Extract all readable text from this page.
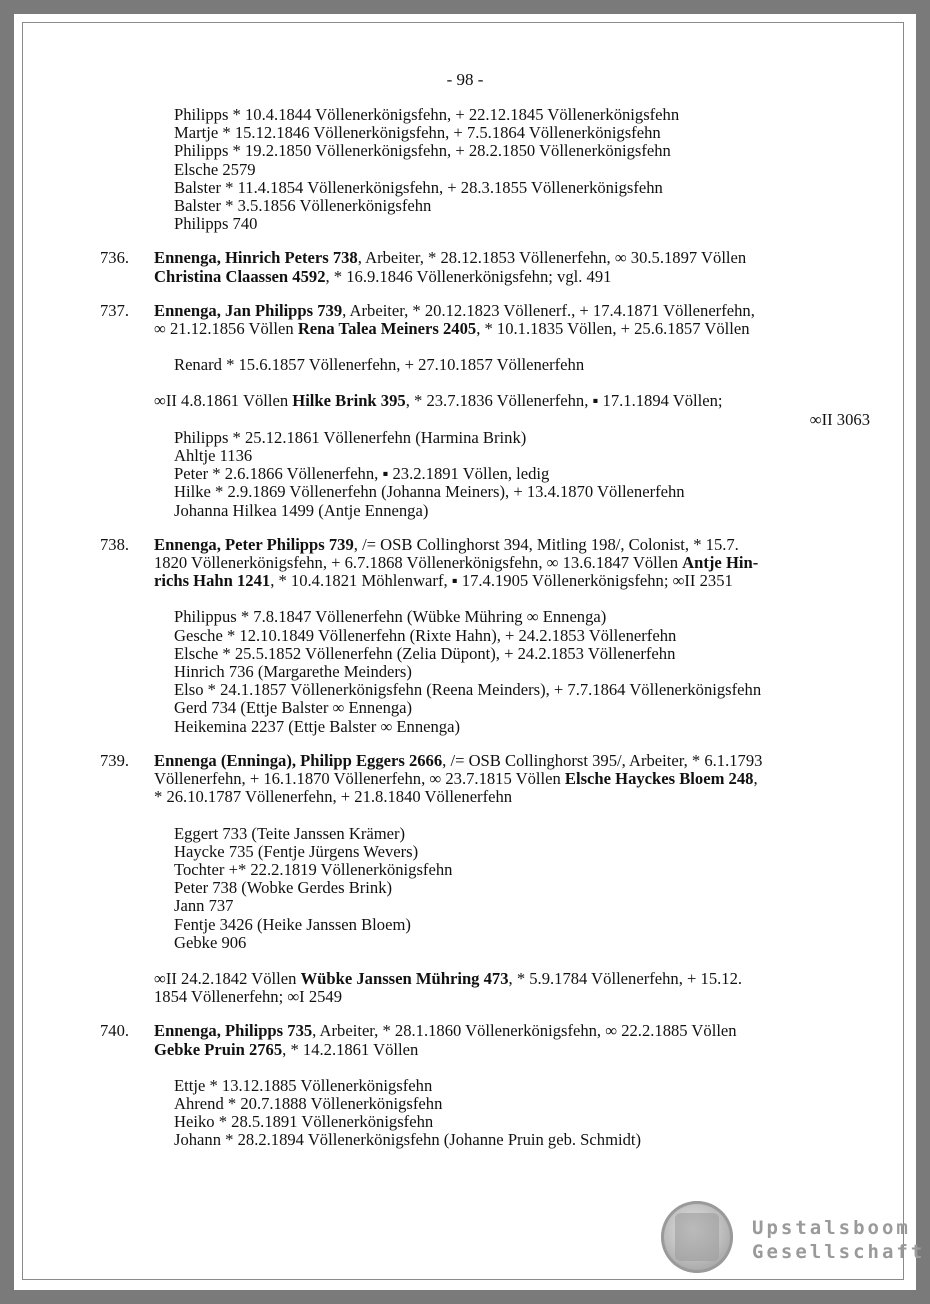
- 98 -
Philipps * 10.4.1844 Völlenerkönigsfehn, + 22.12.1845 Völlenerkönigsfehn
Martje * 15.12.1846 Völlenerkönigsfehn, + 7.5.1864 Völlenerkönigsfehn
Philipps * 19.2.1850 Völlenerkönigsfehn, + 28.2.1850 Völlenerkönigsfehn
Elsche 2579
Balster * 11.4.1854 Völlenerkönigsfehn, + 28.3.1855 Völlenerkönigsfehn
Balster * 3.5.1856 Völlenerkönigsfehn
Philipps 740
736. Ennenga, Hinrich Peters 738, Arbeiter, * 28.12.1853 Völlenerfehn, ∞ 30.5.1897 Völlen
Christina Claassen 4592, * 16.9.1846 Völlenerkönigsfehn; vgl. 491
737. Ennenga, Jan Philipps 739, Arbeiter, * 20.12.1823 Völlenerf., + 17.4.1871 Völlenerfehn,
∞ 21.12.1856 Völlen Rena Talea Meiners 2405, * 10.1.1835 Völlen, + 25.6.1857 Völlen
Renard * 15.6.1857 Völlenerfehn, + 27.10.1857 Völlenerfehn
∞II 4.8.1861 Völlen Hilke Brink 395, * 23.7.1836 Völlenerfehn, ▪ 17.1.1894 Völlen;
∞II 3063
Philipps * 25.12.1861 Völlenerfehn (Harmina Brink)
Ahltje 1136
Peter * 2.6.1866 Völlenerfehn, ▪ 23.2.1891 Völlen, ledig
Hilke * 2.9.1869 Völlenerfehn (Johanna Meiners), + 13.4.1870 Völlenerfehn
Johanna Hilkea 1499 (Antje Ennenga)
738. Ennenga, Peter Philipps 739, /= OSB Collinghorst 394, Mitling 198/, Colonist, * 15.7.
1820 Völlenerkönigsfehn, + 6.7.1868 Völlenerkönigsfehn, ∞ 13.6.1847 Völlen Antje Hin-
richs Hahn 1241, * 10.4.1821 Möhlenwarf, ▪ 17.4.1905 Völlenerkönigsfehn; ∞II 2351
Philippus * 7.8.1847 Völlenerfehn (Wübke Mühring ∞ Ennenga)
Gesche * 12.10.1849 Völlenerfehn (Rixte Hahn), + 24.2.1853 Völlenerfehn
Elsche * 25.5.1852 Völlenerfehn (Zelia Düpont), + 24.2.1853 Völlenerfehn
Hinrich 736 (Margarethe Meinders)
Elso * 24.1.1857 Völlenerkönigsfehn (Reena Meinders), + 7.7.1864 Völlenerkönigsfehn
Gerd 734 (Ettje Balster ∞ Ennenga)
Heikemina 2237 (Ettje Balster ∞ Ennenga)
739. Ennenga (Enninga), Philipp Eggers 2666, /= OSB Collinghorst 395/, Arbeiter, * 6.1.1793
Völlenerfehn, + 16.1.1870 Völlenerfehn, ∞ 23.7.1815 Völlen Elsche Hayckes Bloem 248,
* 26.10.1787 Völlenerfehn, + 21.8.1840 Völlenerfehn
Eggert 733 (Teite Janssen Krämer)
Haycke 735 (Fentje Jürgens Wevers)
Tochter +* 22.2.1819 Völlenerkönigsfehn
Peter 738 (Wobke Gerdes Brink)
Jann 737
Fentje 3426 (Heike Janssen Bloem)
Gebke 906
∞II 24.2.1842 Völlen Wübke Janssen Mühring 473, * 5.9.1784 Völlenerfehn, + 15.12.
1854 Völlenerfehn; ∞I 2549
740. Ennenga, Philipps 735, Arbeiter, * 28.1.1860 Völlenerkönigsfehn, ∞ 22.2.1885 Völlen
Gebke Pruin 2765, * 14.2.1861 Völlen
Ettje * 13.12.1885 Völlenerkönigsfehn
Ahrend * 20.7.1888 Völlenerkönigsfehn
Heiko * 28.5.1891 Völlenerkönigsfehn
Johann * 28.2.1894 Völlenerkönigsfehn (Johanne Pruin geb. Schmidt)
Upstalsboom
Gesellschaft
